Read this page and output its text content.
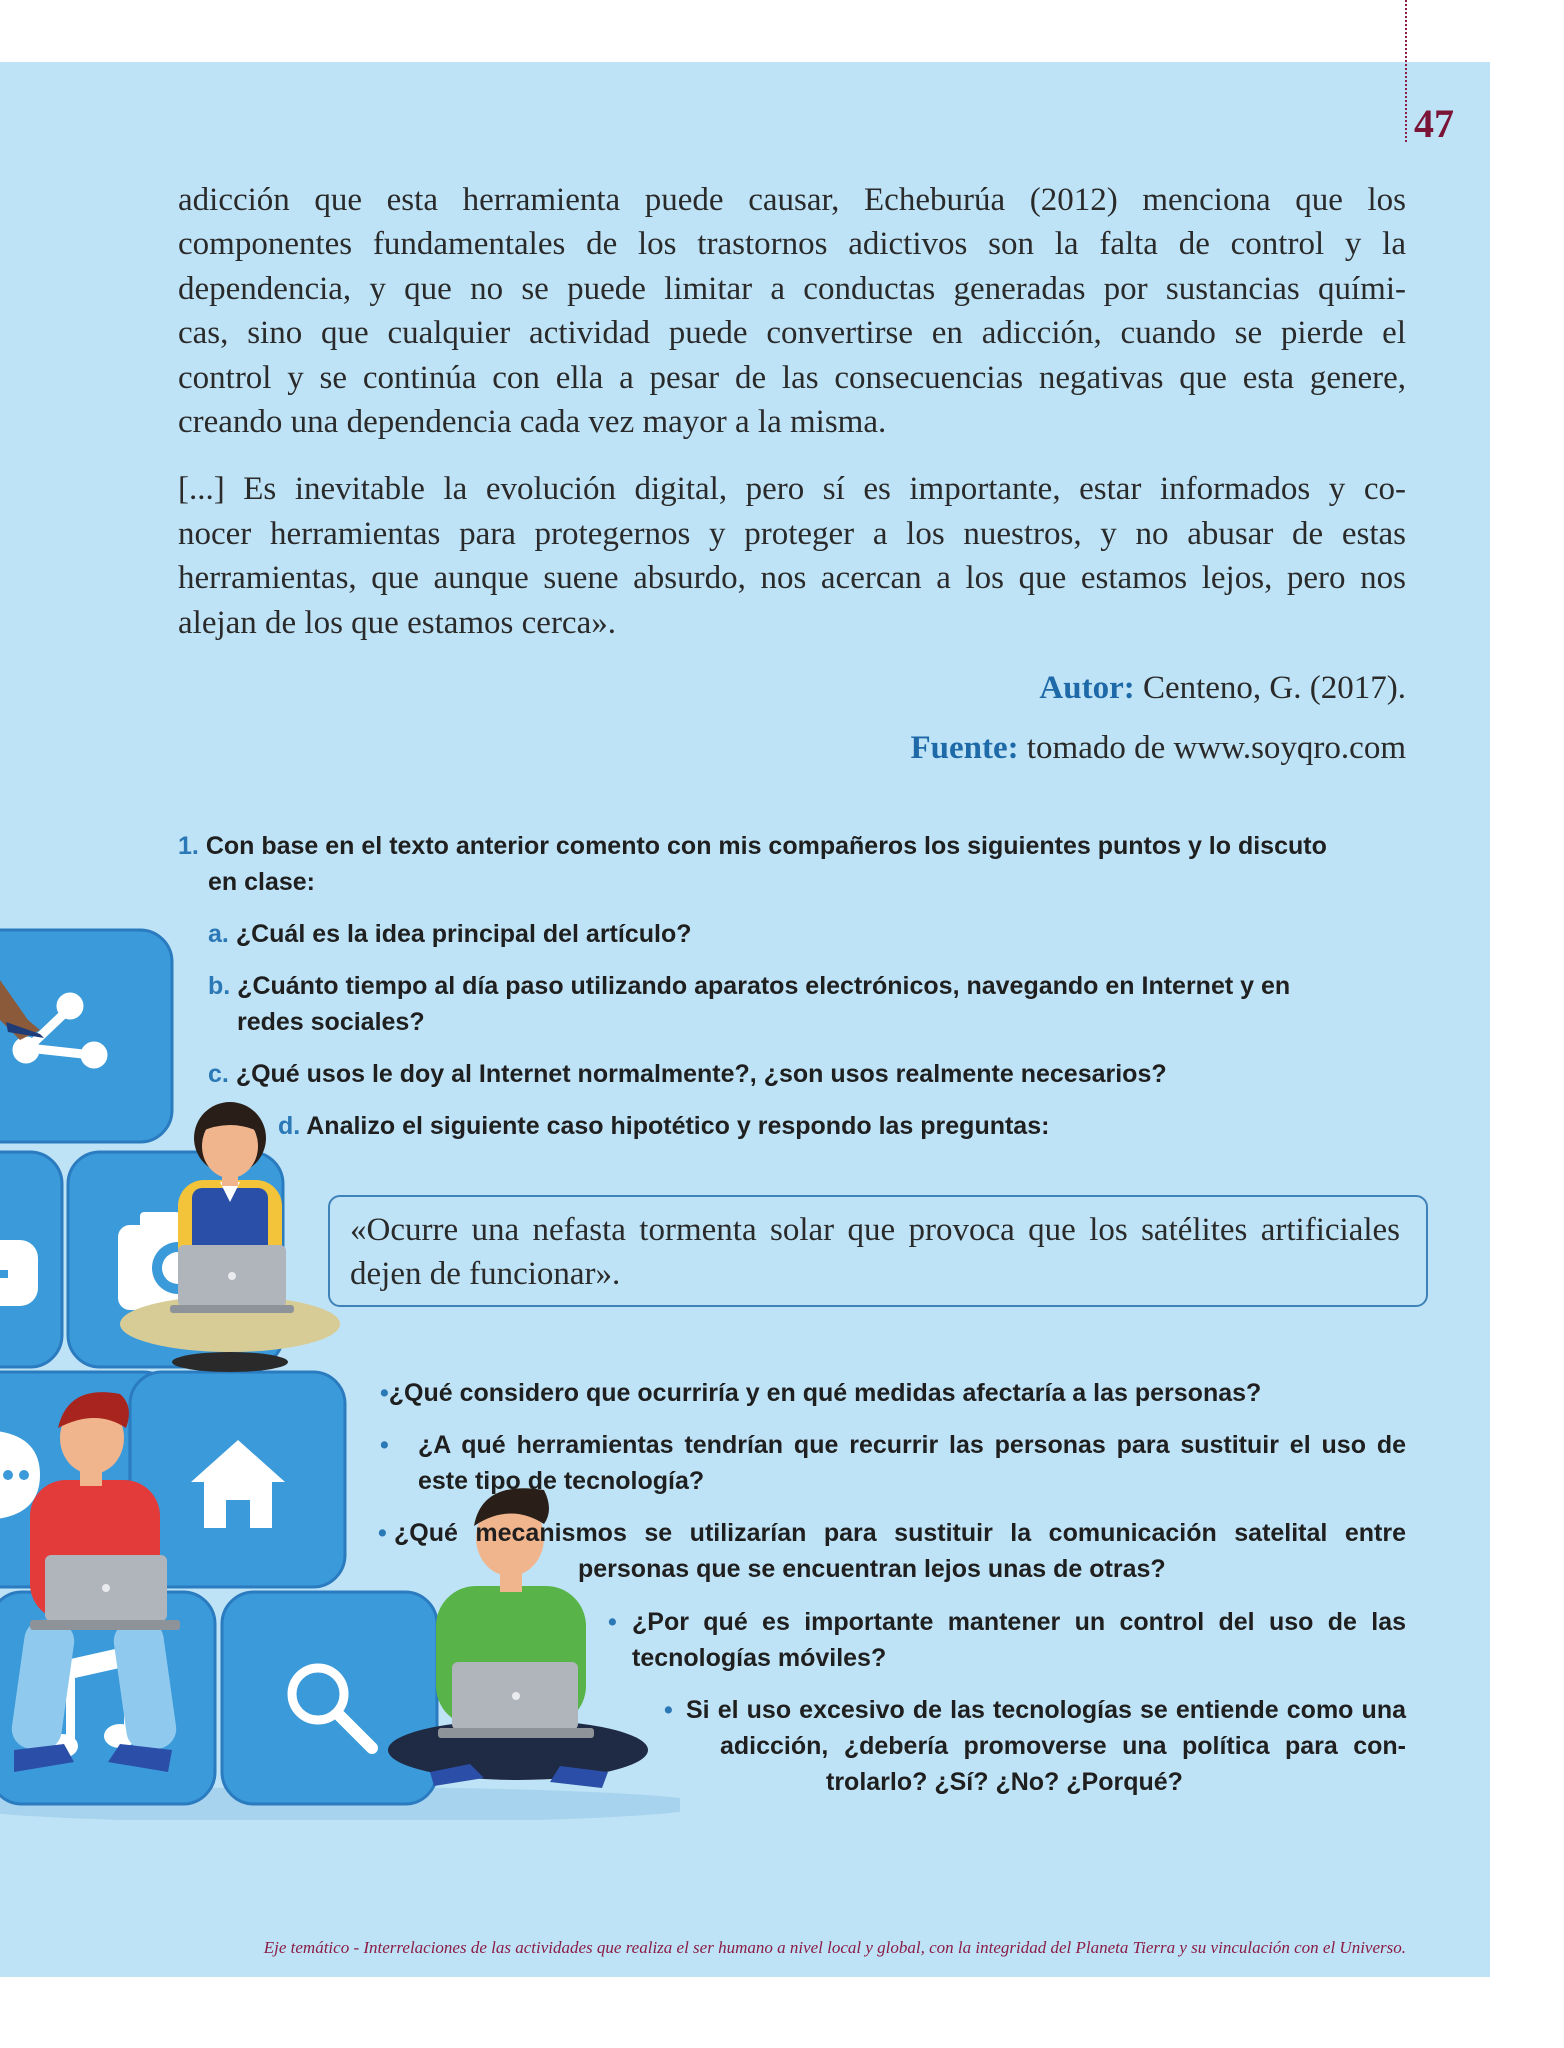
47
adicción que esta herramienta puede causar, Echeburúa (2012) menciona que los
componentes fundamentales de los trastornos adictivos son la falta de control y la
dependencia, y que no se puede limitar a conductas generadas por sustancias quími-
cas, sino que cualquier actividad puede convertirse en adicción, cuando se pierde el
control y se continúa con ella a pesar de las consecuencias negativas que esta genere,
creando una dependencia cada vez mayor a la misma.
[...] Es inevitable la evolución digital, pero sí es importante, estar informados y co-
nocer herramientas para protegernos y proteger a los nuestros, y no abusar de estas
herramientas, que aunque suene absurdo, nos acercan a los que estamos lejos, pero nos
alejan de los que estamos cerca».
Autor: Centeno, G. (2017).
Fuente: tomado de www.soyqro.com
1. Con base en el texto anterior comento con mis compañeros los siguientes puntos y lo discuto
en clase:
a. ¿Cuál es la idea principal del artículo?
b. ¿Cuánto tiempo al día paso utilizando aparatos electrónicos, navegando en Internet y en
redes sociales?
c. ¿Qué usos le doy al Internet normalmente?, ¿son usos realmente necesarios?
d. Analizo el siguiente caso hipotético y respondo las preguntas:
«Ocurre una nefasta tormenta solar que provoca que los satélites artificiales
dejen de funcionar».
•¿Qué considero que ocurriría y en qué medidas afectaría a las personas?
• ¿A qué herramientas tendrían que recurrir las personas para sustituir el uso de
este tipo de tecnología?
• ¿Qué mecanismos se utilizarían para sustituir la comunicación satelital entre
personas que se encuentran lejos unas de otras?
• ¿Por qué es importante mantener un control del uso de las
tecnologías móviles?
• Si el uso excesivo de las tecnologías se entiende como una
adicción, ¿debería promoverse una política para con-
trolarlo? ¿Sí? ¿No? ¿Porqué?
Eje temático - Interrelaciones de las actividades que realiza el ser humano a nivel local y global, con la integridad del Planeta Tierra y su vinculación con el Universo.
